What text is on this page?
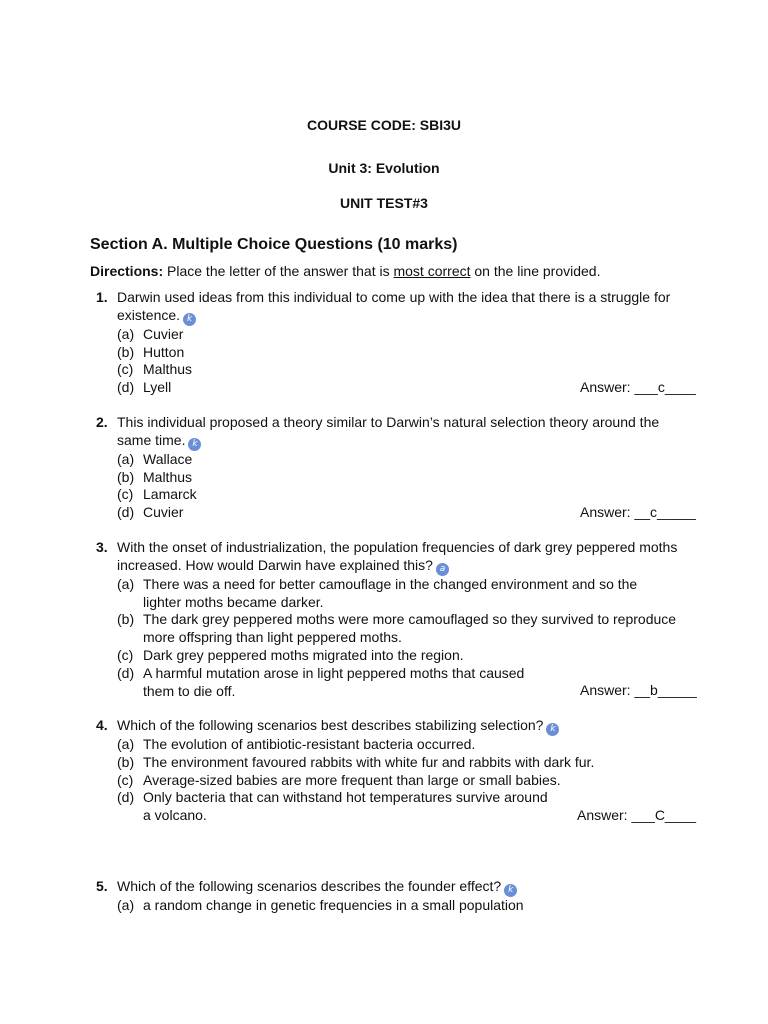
COURSE CODE: SBI3U
Unit 3: Evolution
UNIT TEST#3
Section A. Multiple Choice Questions (10 marks)
Directions: Place the letter of the answer that is most correct on the line provided.
1. Darwin used ideas from this individual to come up with the idea that there is a struggle for existence. k
(a) Cuvier
(b) Hutton
(c) Malthus
(d) Lyell	Answer: ___c____
2. This individual proposed a theory similar to Darwin’s natural selection theory around the same time. k
(a) Wallace
(b) Malthus
(c) Lamarck
(d) Cuvier	Answer: __c_____
3. With the onset of industrialization, the population frequencies of dark grey peppered moths increased. How would Darwin have explained this? a
(a) There was a need for better camouflage in the changed environment and so the lighter moths became darker.
(b) The dark grey peppered moths were more camouflaged so they survived to reproduce more offspring than light peppered moths.
(c) Dark grey peppered moths migrated into the region.
(d) A harmful mutation arose in light peppered moths that caused them to die off.	Answer: __b_____
4. Which of the following scenarios best describes stabilizing selection? k
(a) The evolution of antibiotic-resistant bacteria occurred.
(b) The environment favoured rabbits with white fur and rabbits with dark fur.
(c) Average-sized babies are more frequent than large or small babies.
(d) Only bacteria that can withstand hot temperatures survive around a volcano.	Answer: ___C____
5. Which of the following scenarios describes the founder effect? k
(a) a random change in genetic frequencies in a small population
